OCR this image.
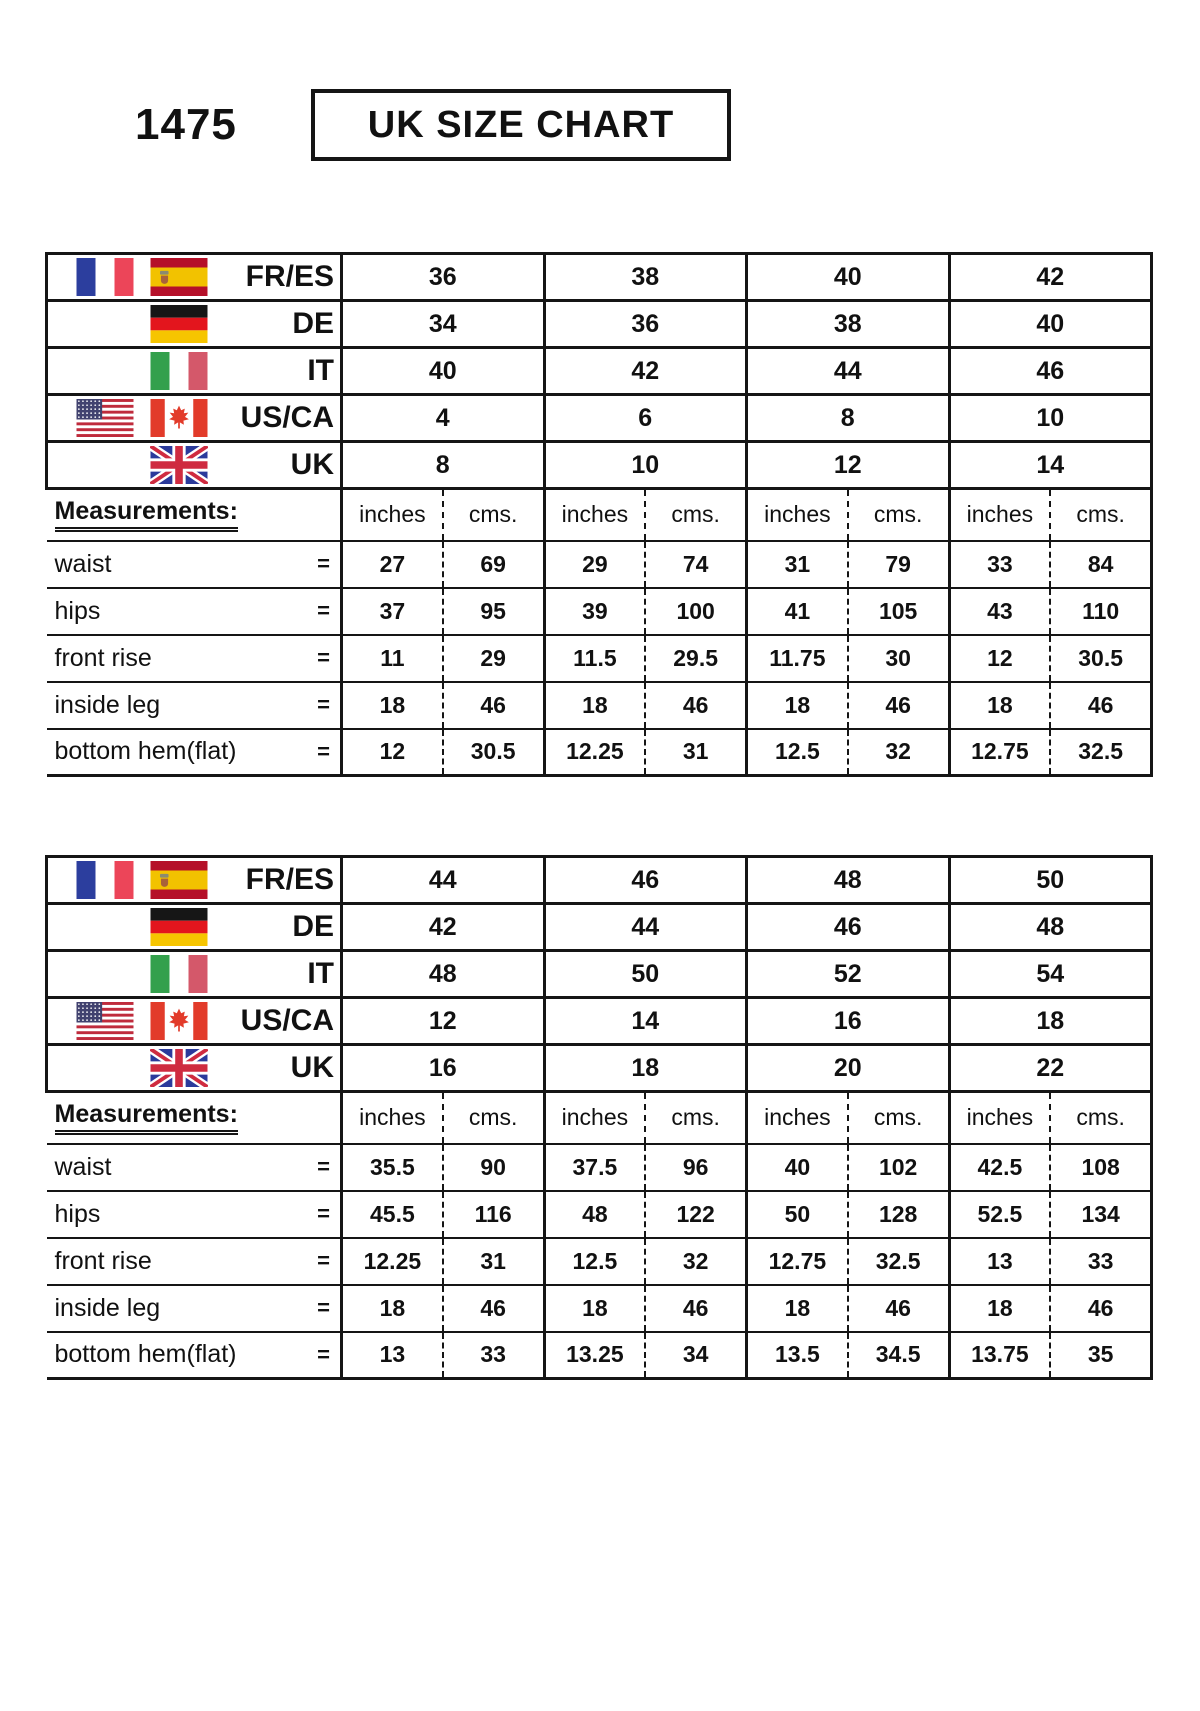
1475	UK SIZE CHART
FR/ES	36		38		40		42	

DE	34		36		38		40	

IT	40		42		44		46	

US/CA	4		6		8		10	

UK	8		10		12		14	
Measurements:	inches	cms.	inches	cms.	inches	cms.	inches	cms.

waist =	27	69	29	74	31	79	33	84

hips =	37	95	39	100	41	105	43	110

front rise =	11	29	11.5	29.5	11.75	30	12	30.5

inside leg =	18	46	18	46	18	46	18	46

bottom hem(flat) =	12	30.5	12.25	31	12.5	32	12.75	32.5
FR/ES	44		46		48		50	

DE	42		44		46		48	

IT	48		50		52		54	

US/CA	12		14		16		18	

UK	16		18		20		22	
Measurements:	inches	cms.	inches	cms.	inches	cms.	inches	cms.

waist =	35.5	90	37.5	96	40	102	42.5	108

hips =	45.5	116	48	122	50	128	52.5	134

front rise =	12.25	31	12.5	32	12.75	32.5	13	33

inside leg =	18	46	18	46	18	46	18	46

bottom hem(flat) =	13	33	13.25	34	13.5	34.5	13.75	35
